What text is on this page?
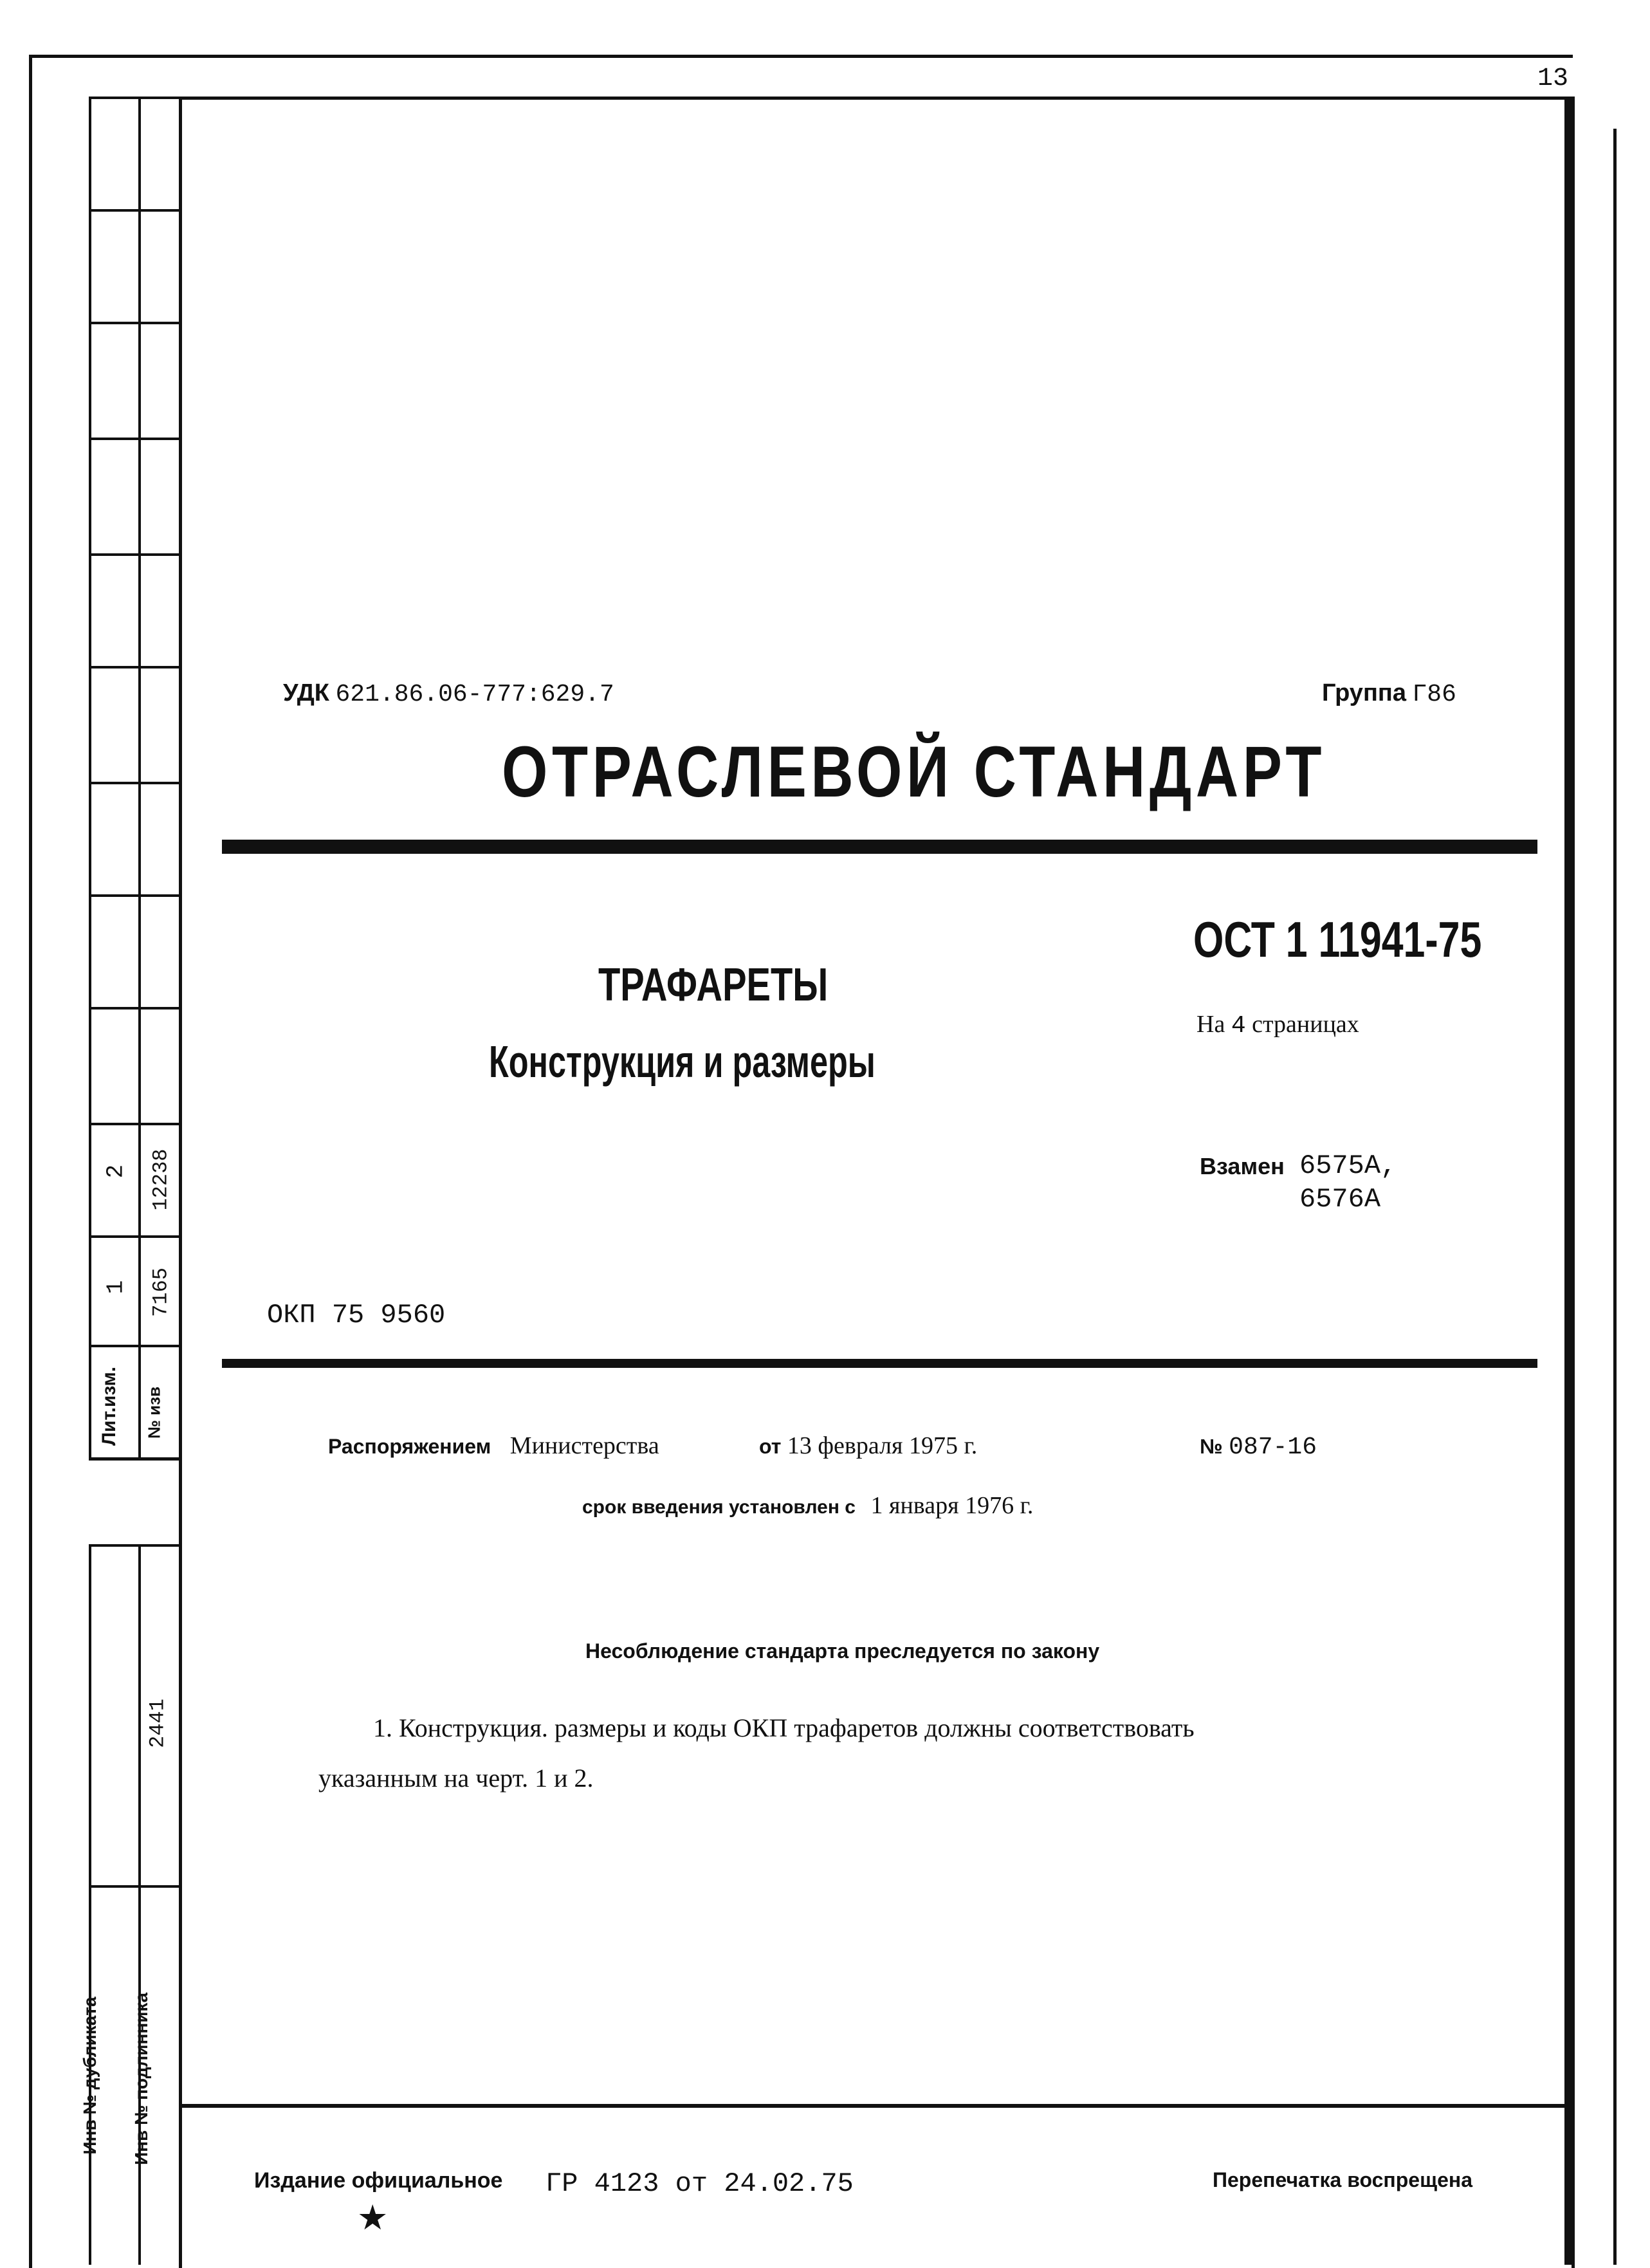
13
Лит.изм. № изв
1 7165
2 12238
2441
Инв № дубликата Инв № подлинника
УДК 621.86.06-777:629.7	Группа Г86
ОТРАСЛЕВОЙ СТАНДАРТ
ОСТ 1 11941-75
ТРАФАРЕТЫ
Конструкция и размеры
На 4 страницах
Взамен 6575А,
6576А
ОКП 75 9560
Распоряжением Министерства	от 13 февраля 1975 г.	№ 087-16
срок введения установлен с 1 января 1976 г.
Несоблюдение стандарта преследуется по закону
1. Конструкция. размеры и коды ОКП трафаретов должны соответствовать
указанным на черт. 1 и 2.
Издание официальное
★
ГР 4123 от 24.02.75	Перепечатка воспрещена
